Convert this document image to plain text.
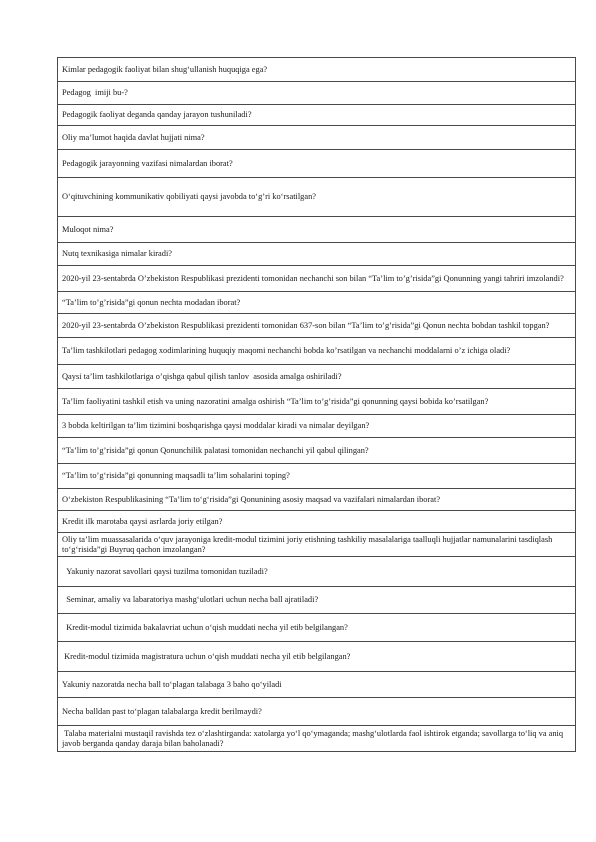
Kimlar pedagogik faoliyat bilan shug‘ullanish huquqiga ega?
Pedagog  imiji bu-?
Pedagogik faoliyat deganda qanday jarayon tushuniladi?
Oliy ma’lumot haqida davlat hujjati nima?
Pedagogik jarayonning vazifasi nimalardan iborat?
O‘qituvchining kommunikativ qobiliyati qaysi javobda to‘g’ri ko‘rsatilgan?
Muloqot nima?
Nutq texnikasiga nimalar kiradi?
2020-yil 23-sentabrda O’zbekiston Respublikasi prezidenti tomonidan nechanchi son bilan “Ta’lim to’g’risida”gi Qonunning yangi tahriri imzolandi?
“Ta’lim to’g’risida”gi qonun nechta modadan iborat?
2020-yil 23-sentabrda O’zbekiston Respublikasi prezidenti tomonidan 637-son bilan “Ta’lim to’g’risida”gi Qonun nechta bobdan tashkil topgan?
Ta’lim tashkilotlari pedagog xodimlarining huquqiy maqomi nechanchi bobda ko’rsatilgan va nechanchi moddalarni o’z ichiga oladi?
Qaysi ta’lim tashkilotlariga o’qishga qabul qilish tanlov  asosida amalga oshiriladi?
Ta’lim faoliyatini tashkil etish va uning nazoratini amalga oshirish “Ta’lim to’g’risida”gi qonunning qaysi bobida ko’rsatilgan?
3 bobda keltirilgan ta’lim tizimini boshqarishga qaysi moddalar kiradi va nimalar deyilgan?
“Ta’lim to’g’risida”gi qonun Qonunchilik palatasi tomonidan nechanchi yil qabul qilingan?
“Ta’lim to’g‘risida”gi qonunning maqsadli ta’lim sohalarini toping?
O‘zbekiston Respublikasining “Ta’lim to‘g‘risida”gi Qonunining asosiy maqsad va vazifalari nimalardan iborat?
Kredit ilk marotaba qaysi asrlarda joriy etilgan?
Oliy ta’lim muassasalarida o‘quv jarayoniga kredit-modul tizimini joriy etishning tashkiliy masalalariga taalluqli hujjatlar namunalarini tasdiqlash to‘g‘risida”gi Buyruq qachon imzolangan?
Yakuniy nazorat savollari qaysi tuzilma tomonidan tuziladi?
Seminar, amaliy va labaratoriya mashg‘ulotlari uchun necha ball ajratiladi?
Kredit-modul tizimida bakalavriat uchun o‘qish muddati necha yil etib belgilangan?
Kredit-modul tizimida magistratura uchun o‘qish muddati necha yil etib belgilangan?
Yakuniy nazoratda necha ball to‘plagan talabaga 3 baho qo‘yiladi
Necha balldan past to‘plagan talabalarga kredit berilmaydi?
Talaba materialni mustaqil ravishda tez o‘zlashtirganda: xatolarga yo‘l qo‘ymaganda; mashg‘ulotlarda faol ishtirok etganda; savollarga to‘liq va aniq javob berganda qanday daraja bilan baholanadi?
